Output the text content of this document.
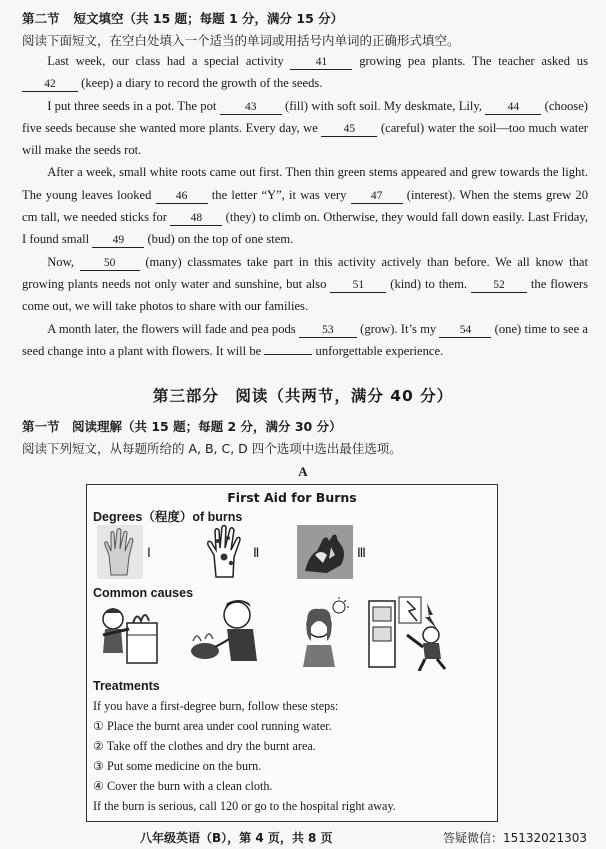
第二节 短文填空（共 15 题；每题 1 分，满分 15 分）
阅读下面短文，在空白处填入一个适当的单词或用括号内单词的正确形式填空。

Last week, our class had a special activity 41 growing pea plants. The teacher asked us 42 (keep) a diary to record the growth of the seeds.

I put three seeds in a pot. The pot 43 (fill) with soft soil. My deskmate, Lily, 44 (choose) five seeds because she wanted more plants. Every day, we 45 (careful) water the soil—too much water will make the seeds rot.

After a week, small white roots came out first. Then thin green stems appeared and grew towards the light. The young leaves looked 46 the letter “Y”, it was very 47 (interest). When the stems grew 20 cm tall, we needed sticks for 48 (they) to climb on. Otherwise, they would fall down easily. Last Friday, I found small 49 (bud) on the top of one stem.

Now, 50 (many) classmates take part in this activity actively than before. We all know that growing plants needs not only water and sunshine, but also 51 (kind) to them. 52 the flowers come out, we will take photos to share with our families.

A month later, the flowers will fade and pea pods 53 (grow). It’s my 54 (one) time to see a seed change into a plant with flowers. It will be	unforgettable experience.

第三部分　阅读（共两节，满分 40 分）
第一节　阅读理解（共 15 题；每题 2 分，满分 30 分）
阅读下列短文，从每题所给的 A, B, C, D 四个选项中选出最佳选项。
A
First Aid for Burns
Degrees（程度）of burns
Ⅰ	Ⅱ	Ⅲ
Common causes
Treatments
If you have a first-degree burn, follow these steps:
① Place the burnt area under cool running water.
② Take off the clothes and dry the burnt area.
③ Put some medicine on the burn.
④ Cover the burn with a clean cloth.
If the burn is serious, call 120 or go to the hospital right away.
八年级英语（B），第 4 页，共 8 页	答疑微信：15132021303
